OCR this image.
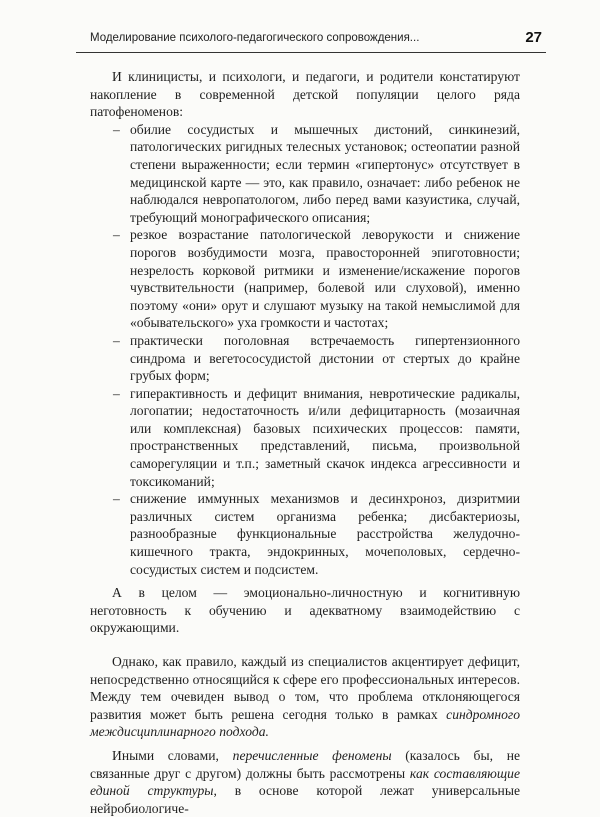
Моделирование психолого-педагогического сопровождения...	27

И клиницисты, и психологи, и педагоги, и родители констатируют накопление в современной детской популяции целого ряда патофеноменов:

– обилие сосудистых и мышечных дистоний, синкинезий, патологических ригидных телесных установок; остеопатии разной степени выраженности; если термин «гипертонус» отсутствует в медицинской карте — это, как правило, означает: либо ребенок не наблюдался невропатологом, либо перед вами казуистика, случай, требующий монографического описания;
– резкое возрастание патологической леворукости и снижение порогов возбудимости мозга, правосторонней эпиготовности; незрелость корковой ритмики и изменение/искажение порогов чувствительности (например, болевой или слуховой), именно поэтому «они» орут и слушают музыку на такой немыслимой для «обывательского» уха громкости и частотах;
– практически поголовная встречаемость гипертензионного синдрома и вегетососудистой дистонии от стертых до крайне грубых форм;
– гиперактивность и дефицит внимания, невротические радикалы, логопатии; недостаточность и/или дефицитарность (мозаичная или комплексная) базовых психических процессов: памяти, пространственных представлений, письма, произвольной саморегуляции и т.п.; заметный скачок индекса агрессивности и токсикоманий;
– снижение иммунных механизмов и десинхроноз, дизритмии различных систем организма ребенка; дисбактериозы, разнообразные функциональные расстройства желудочно-кишечного тракта, эндокринных, мочеполовых, сердечно-сосудистых систем и подсистем.

А в целом — эмоционально-личностную и когнитивную неготовность к обучению и адекватному взаимодействию с окружающими.

Однако, как правило, каждый из специалистов акцентирует дефицит, непосредственно относящийся к сфере его профессиональных интересов. Между тем очевиден вывод о том, что проблема отклоняющегося развития может быть решена сегодня только в рамках синдромного междисциплинарного подхода.

Иными словами, перечисленные феномены (казалось бы, не связанные друг с другом) должны быть рассмотрены как составляющие единой структуры, в основе которой лежат универсальные нейробиологиче-
